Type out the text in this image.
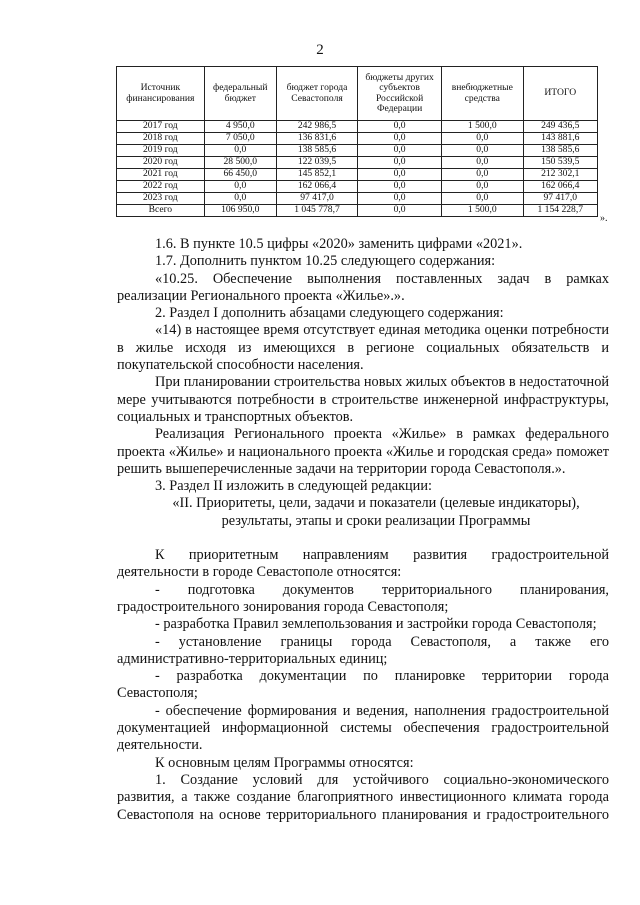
2
Источник финансирования	федеральный бюджет	бюджет города Севастополя	бюджеты других субъектов Российской Федерации	внебюджетные средства	ИТОГО
2017 год	4 950,0	242 986,5	0,0	1 500,0	249 436,5
2018 год	7 050,0	136 831,6	0,0	0,0	143 881,6
2019 год	0,0	138 585,6	0,0	0,0	138 585,6
2020 год	28 500,0	122 039,5	0,0	0,0	150 539,5
2021 год	66 450,0	145 852,1	0,0	0,0	212 302,1
2022 год	0,0	162 066,4	0,0	0,0	162 066,4
2023 год	0,0	97 417,0	0,0	0,0	97 417,0
Всего	106 950,0	1 045 778,7	0,0	1 500,0	1 154 228,7
».

1.6. В пункте 10.5 цифры «2020» заменить цифрами «2021».

1.7. Дополнить пунктом 10.25 следующего содержания:

«10.25. Обеспечение выполнения поставленных задач в рамках реализации Регионального проекта «Жилье».».

2. Раздел I дополнить абзацами следующего содержания:

«14) в настоящее время отсутствует единая методика оценки потребности в жилье исходя из имеющихся в регионе социальных обязательств и покупательской способности населения.

При планировании строительства новых жилых объектов в недостаточной мере учитываются потребности в строительстве инженерной инфраструктуры, социальных и транспортных объектов.

Реализация Регионального проекта «Жилье» в рамках федерального проекта «Жилье» и национального проекта «Жилье и городская среда» поможет решить вышеперечисленные задачи на территории города Севастополя.».

3. Раздел II изложить в следующей редакции:

«II. Приоритеты, цели, задачи и показатели (целевые индикаторы), результаты, этапы и сроки реализации Программы

К приоритетным направлениям развития градостроительной деятельности в городе Севастополе относятся:

- подготовка документов территориального планирования, градостроительного зонирования города Севастополя;

- разработка Правил землепользования и застройки города Севастополя;

- установление границы города Севастополя, а также его административно-территориальных единиц;

- разработка документации по планировке территории города Севастополя;

- обеспечение формирования и ведения, наполнения градостроительной документацией информационной системы обеспечения градостроительной деятельности.

К основным целям Программы относятся:

1. Создание условий для устойчивого социально-экономического развития, а также создание благоприятного инвестиционного климата города Севастополя на основе территориального планирования и градостроительного
